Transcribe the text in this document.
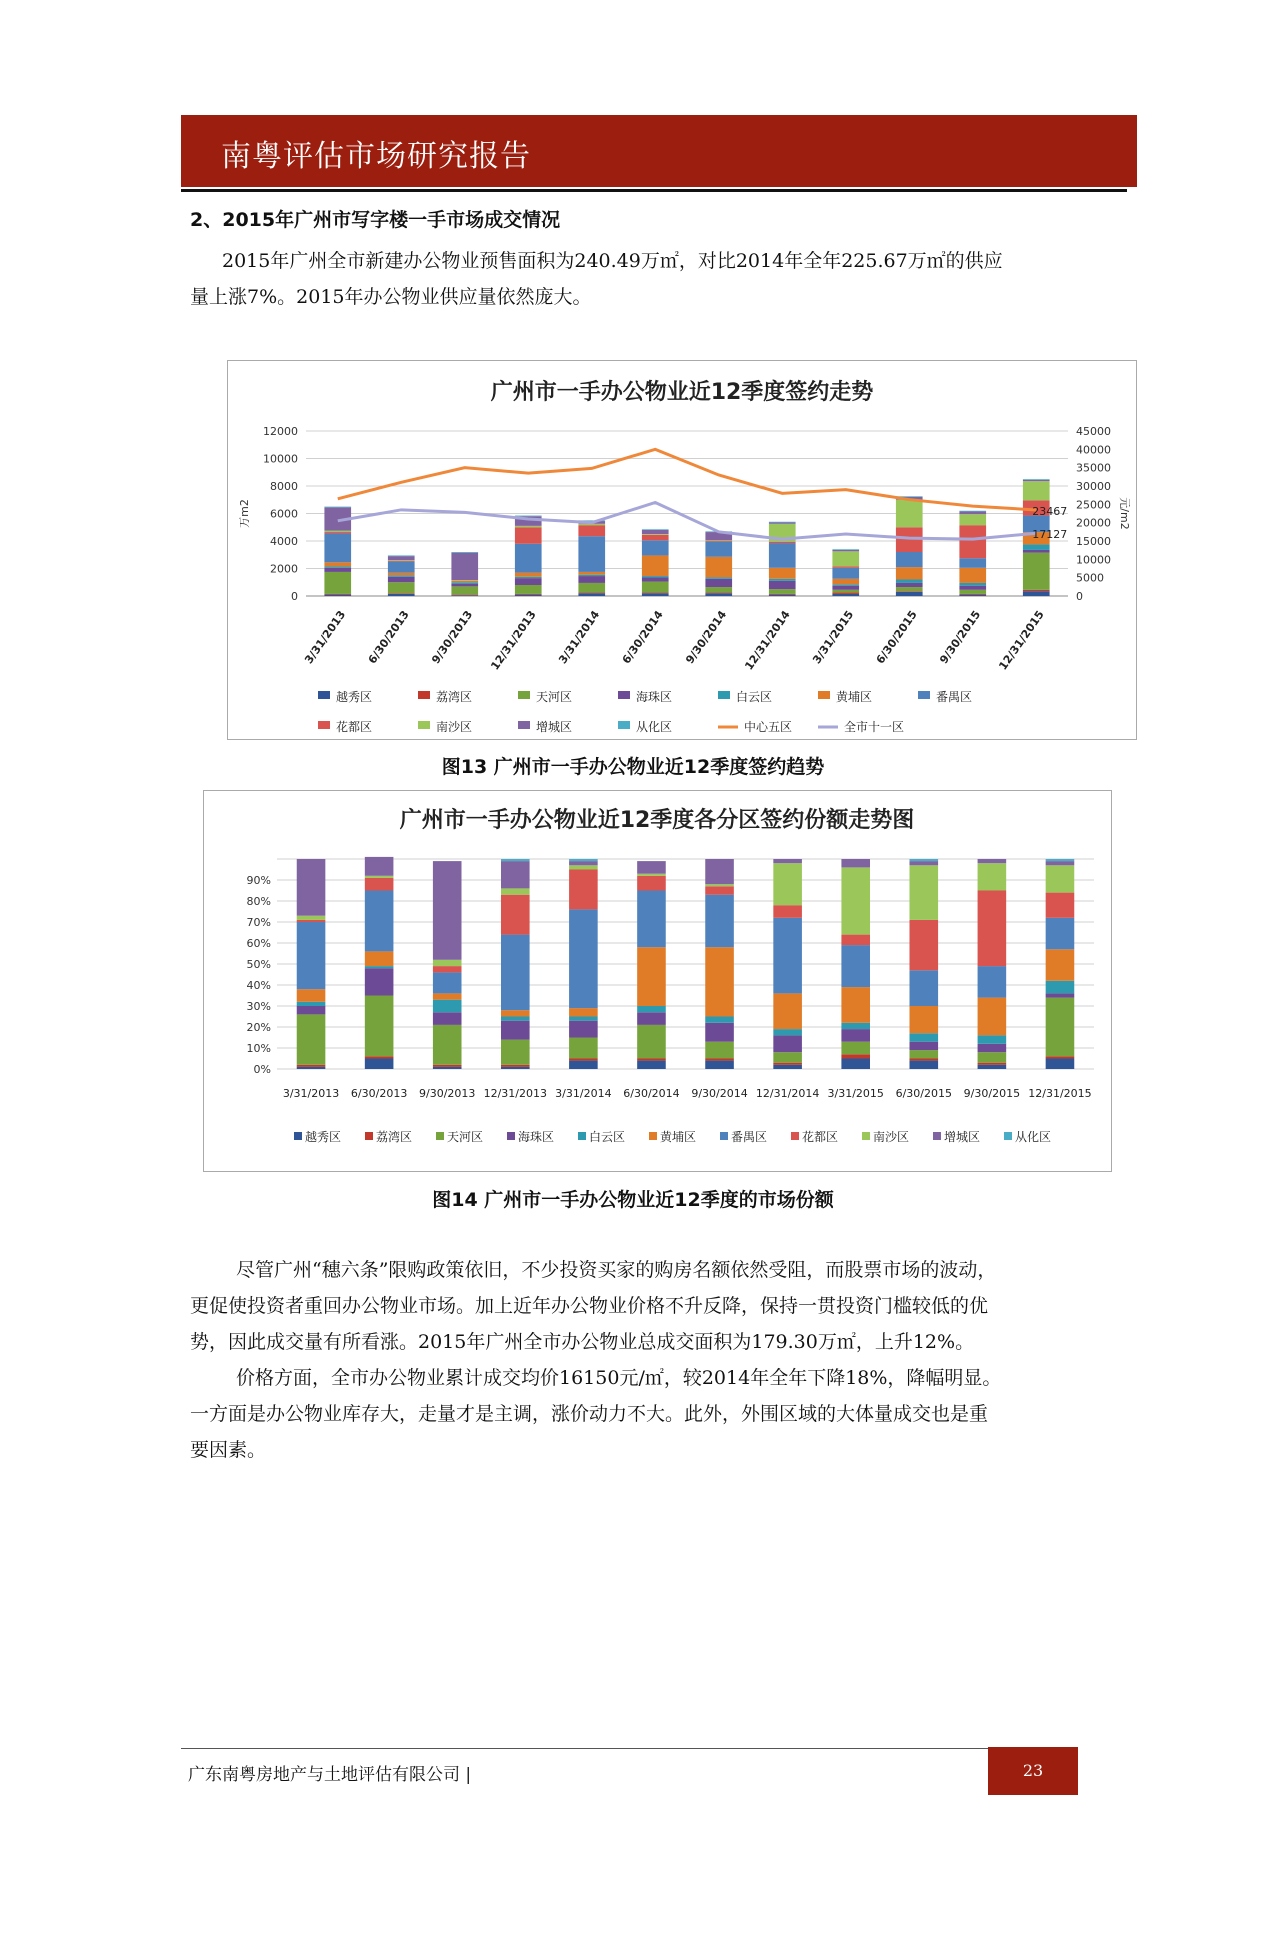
南粤评估市场研究报告
2、2015年广州市写字楼一手市场成交情况
2015年广州全市新建办公物业预售面积为240.49万㎡，对比2014年全年225.67万㎡的供应
量上涨7%。2015年办公物业供应量依然庞大。
广州市一手办公物业近12季度签约走势
0
2000
4000
6000
8000
10000
12000
0
5000
10000
15000
20000
25000
30000
35000
40000
45000
万m2	元/m2
3/31/2013 6/30/2013 9/30/2013 12/31/2013 3/31/2014 6/30/2014 9/30/2014 12/31/2014 3/31/2015 6/30/2015 9/30/2015 12/31/2015
23467
17127
越秀区	荔湾区	天河区	海珠区	白云区	黄埔区	番禺区
花都区	南沙区	增城区	从化区	中心五区	全市十一区
图13 广州市一手办公物业近12季度签约趋势
广州市一手办公物业近12季度各分区签约份额走势图
0%
10%
20%
30%
40%
50%
60%
70%
80%
90%
3/31/2013 6/30/2013 9/30/2013 12/31/2013 3/31/2014 6/30/2014 9/30/2014 12/31/2014 3/31/2015 6/30/2015 9/30/2015 12/31/2015
越秀区	荔湾区	天河区	海珠区	白云区	黄埔区	番禺区	花都区	南沙区	增城区	从化区
图14 广州市一手办公物业近12季度的市场份额
尽管广州“穗六条”限购政策依旧，不少投资买家的购房名额依然受阻，而股票市场的波动，
更促使投资者重回办公物业市场。加上近年办公物业价格不升反降，保持一贯投资门槛较低的优
势，因此成交量有所看涨。2015年广州全市办公物业总成交面积为179.30万㎡，上升12%。
价格方面，全市办公物业累计成交均价16150元/㎡，较2014年全年下降18%，降幅明显。
一方面是办公物业库存大，走量才是主调，涨价动力不大。此外，外围区域的大体量成交也是重
要因素。
广东南粤房地产与土地评估有限公司 |	23
